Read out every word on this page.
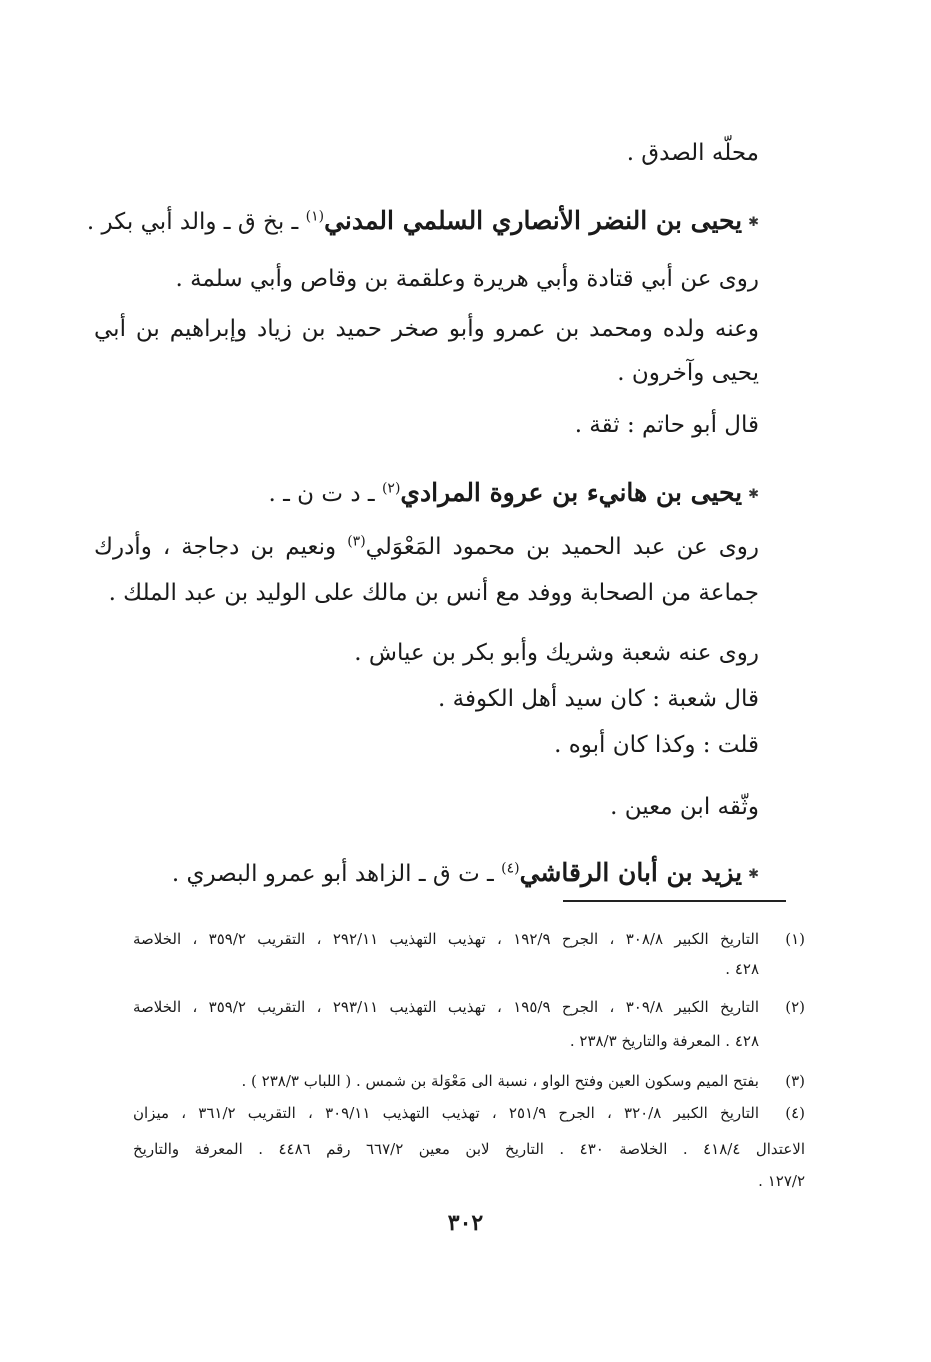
محلّه الصدق .
✱يحيى بن النضر الأنصاري السلمي المدني$^{(١)}$ ـ بخ ق ـ والد أبي بكر .
روى عن أبي قتادة وأبي هريرة وعلقمة بن وقاص وأبي سلمة .
وعنه ولده ومحمد بن عمرو وأبو صخر حميد بن زياد وإبراهيم بن أبي
يحيى وآخرون .
قال أبو حاتم : ثقة .
✱يحيى بن هانيء بن عروة المرادي$^{(٢)}$ ـ د ت ن ـ .
روى عن عبد الحميد بن محمود المَعْوَلي$^{(٣)}$ ونعيم بن دجاجة ، وأدرك
جماعة من الصحابة ووفد مع أنس بن مالك على الوليد بن عبد الملك .
روى عنه شعبة وشريك وأبو بكر بن عياش .
قال شعبة : كان سيد أهل الكوفة .
قلت : وكذا كان أبوه .
وثّقه ابن معين .
✱يزيد بن أبان الرقاشي$^{(٤)}$ ـ ت ق ـ الزاهد أبو عمرو البصري .
(١)
التاريخ الكبير ٣٠٨/٨ ، الجرح ١٩٢/٩ ، تهذيب التهذيب ٢٩٢/١١ ، التقريب ٣٥٩/٢ ، الخلاصة
٤٢٨ .
(٢)
التاريخ الكبير ٣٠٩/٨ ، الجرح ١٩٥/٩ ، تهذيب التهذيب ٢٩٣/١١ ، التقريب ٣٥٩/٢ ، الخلاصة
٤٢٨ . المعرفة والتاريخ ٢٣٨/٣ .
(٣)
بفتح الميم وسكون العين وفتح الواو ، نسبة الى مَعْوَلة بن شمس . ( اللباب ٢٣٨/٣ ) .
(٤)
التاريخ الكبير ٣٢٠/٨ ، الجرح ٢٥١/٩ ، تهذيب التهذيب ٣٠٩/١١ ، التقريب ٣٦١/٢ ، ميزان
الاعتدال ٤١٨/٤ . الخلاصة ٤٣٠ . التاريخ لابن معين ٦٦٧/٢ رقم ٤٤٨٦ . المعرفة والتاريخ
١٢٧/٢ .
٣٠٢
